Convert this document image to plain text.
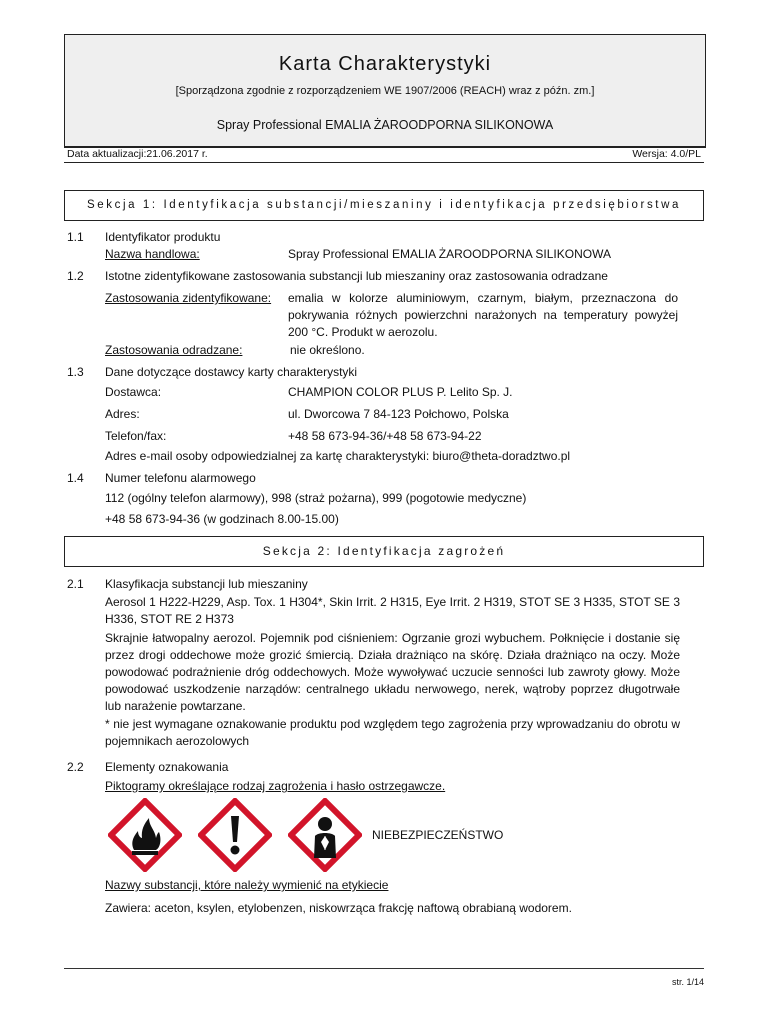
Karta Charakterystyki
[Sporządzona zgodnie z rozporządzeniem WE 1907/2006 (REACH) wraz z późn. zm.]
Spray Professional EMALIA ŻAROODPORNA SILIKONOWA
Data aktualizacji:21.06.2017 r.	Wersja: 4.0/PL
Sekcja 1: Identyfikacja substancji/mieszaniny i identyfikacja przedsiębiorstwa
1.1 Identyfikator produktu
Nazwa handlowa:	Spray Professional EMALIA ŻAROODPORNA SILIKONOWA
1.2 Istotne zidentyfikowane zastosowania substancji lub mieszaniny oraz zastosowania odradzane
Zastosowania zidentyfikowane: emalia w kolorze aluminiowym, czarnym, białym, przeznaczona do pokrywania różnych powierzchni narażonych na temperatury powyżej 200 °C. Produkt w aerozolu.
Zastosowania odradzane:	nie określono.
1.3 Dane dotyczące dostawcy karty charakterystyki
Dostawca:	CHAMPION COLOR PLUS P. Lelito Sp. J.
Adres:	ul. Dworcowa 7 84-123 Połchowo, Polska
Telefon/fax:	+48 58 673-94-36/+48 58 673-94-22
Adres e-mail osoby odpowiedzialnej za kartę charakterystyki: biuro@theta-doradztwo.pl
1.4 Numer telefonu alarmowego
112 (ogólny telefon alarmowy), 998 (straż pożarna), 999 (pogotowie medyczne)
+48 58 673-94-36 (w godzinach 8.00-15.00)
Sekcja 2: Identyfikacja zagrożeń
2.1 Klasyfikacja substancji lub mieszaniny
Aerosol 1 H222-H229, Asp. Tox. 1 H304*, Skin Irrit. 2 H315, Eye Irrit. 2 H319, STOT SE 3 H335, STOT SE 3 H336, STOT RE 2 H373
Skrajnie łatwopalny aerozol. Pojemnik pod ciśnieniem: Ogrzanie grozi wybuchem. Połknięcie i dostanie się przez drogi oddechowe może grozić śmiercią. Działa drażniąco na skórę. Działa drażniąco na oczy. Może powodować podrażnienie dróg oddechowych. Może wywoływać uczucie senności lub zawroty głowy. Może powodować uszkodzenie narządów: centralnego układu nerwowego, nerek, wątroby poprzez długotrwałe lub narażenie powtarzane.
* nie jest wymagane oznakowanie produktu pod względem tego zagrożenia przy wprowadzaniu do obrotu w pojemnikach aerozolowych
2.2 Elementy oznakowania
Piktogramy określające rodzaj zagrożenia i hasło ostrzegawcze.
NIEBEZPIECZEŃSTWO
Nazwy substancji, które należy wymienić na etykiecie
Zawiera: aceton, ksylen, etylobenzen, niskowrząca frakcję naftową obrabianą wodorem.
str. 1/14
